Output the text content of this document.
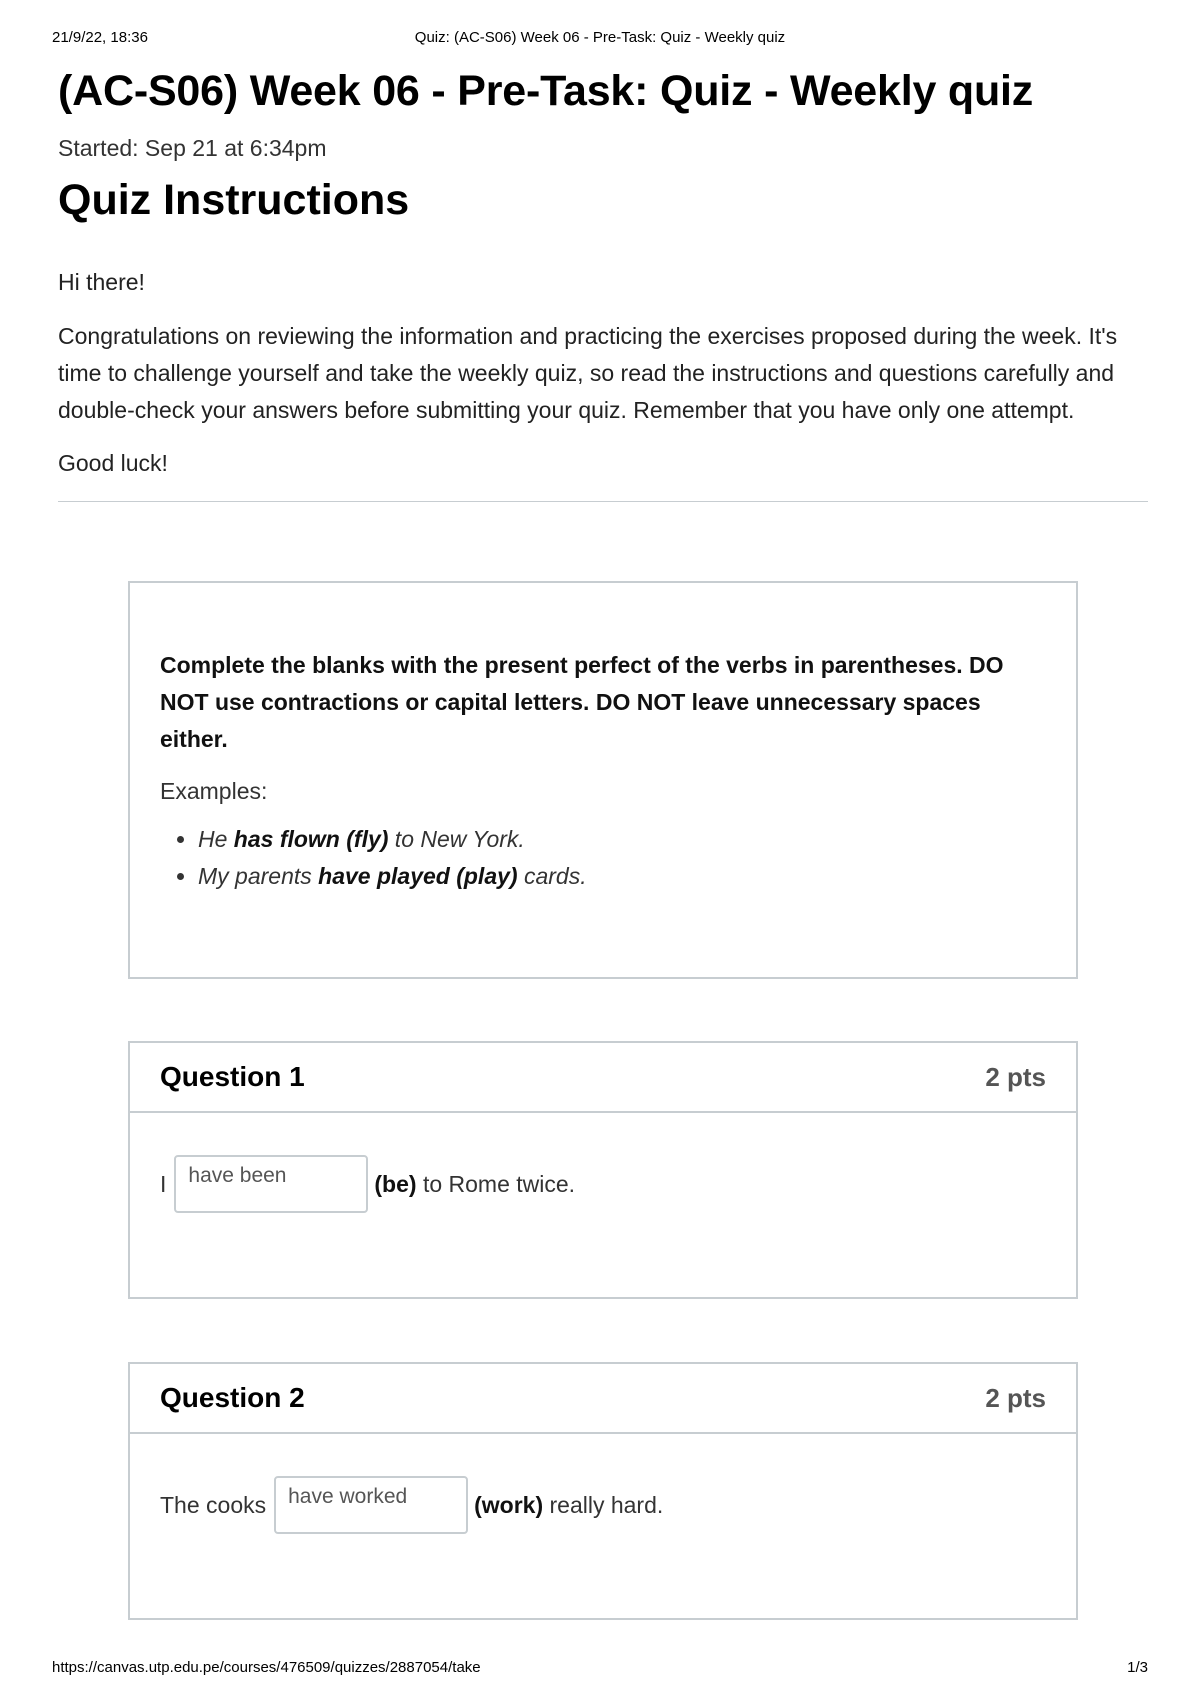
21/9/22, 18:36	Quiz: (AC-S06) Week 06 - Pre-Task: Quiz - Weekly quiz
(AC-S06) Week 06 - Pre-Task: Quiz - Weekly quiz
Started: Sep 21 at 6:34pm
Quiz Instructions

Hi there!

Congratulations on reviewing the information and practicing the exercises proposed during the week. It's time to challenge yourself and take the weekly quiz, so read the instructions and questions carefully and double-check your answers before submitting your quiz. Remember that you have only one attempt.

Good luck!

Complete the blanks with the present perfect of the verbs in parentheses. DO NOT use contractions or capital letters. DO NOT leave unnecessary spaces either.
Examples:
• He has flown (fly) to New York.
• My parents have played (play) cards.
Question 1	2 pts
I
have been	(be) to Rome twice.
Question 2	2 pts
The cooks
have worked	(work) really hard.
https://canvas.utp.edu.pe/courses/476509/quizzes/2887054/take	1/3
